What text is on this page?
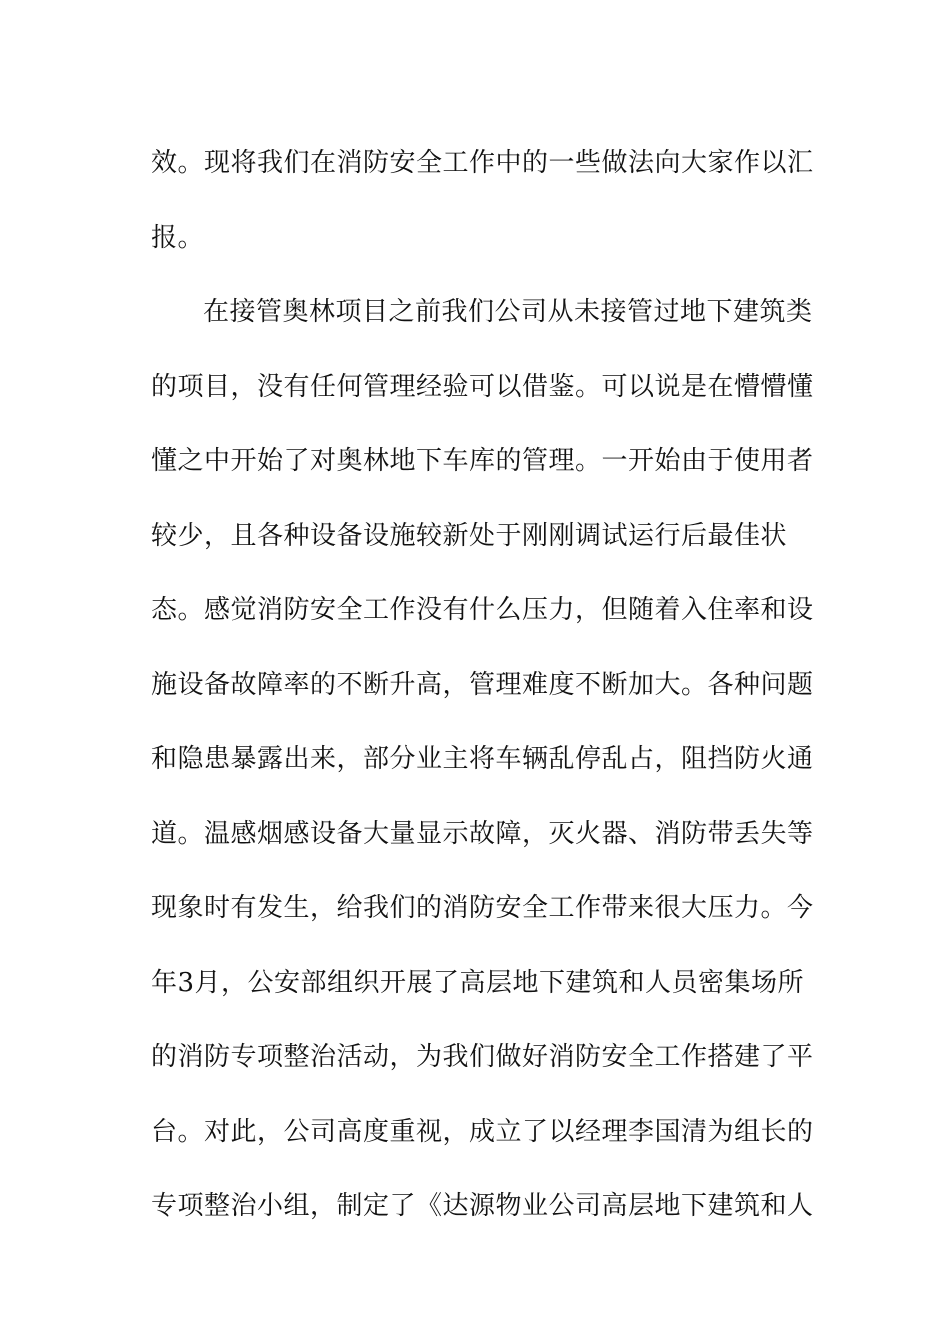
效。现将我们在消防安全工作中的一些做法向大家作以汇
报。
在接管奥林项目之前我们公司从未接管过地下建筑类
的项目，没有任何管理经验可以借鉴。可以说是在懵懵懂
懂之中开始了对奥林地下车库的管理。一开始由于使用者
较少，且各种设备设施较新处于刚刚调试运行后最佳状
态。感觉消防安全工作没有什么压力，但随着入住率和设
施设备故障率的不断升高，管理难度不断加大。各种问题
和隐患暴露出来，部分业主将车辆乱停乱占，阻挡防火通
道。温感烟感设备大量显示故障，灭火器、消防带丢失等
现象时有发生，给我们的消防安全工作带来很大压力。今
年3月，公安部组织开展了高层地下建筑和人员密集场所
的消防专项整治活动，为我们做好消防安全工作搭建了平
台。对此，公司高度重视，成立了以经理李国清为组长的
专项整治小组，制定了《达源物业公司高层地下建筑和人
